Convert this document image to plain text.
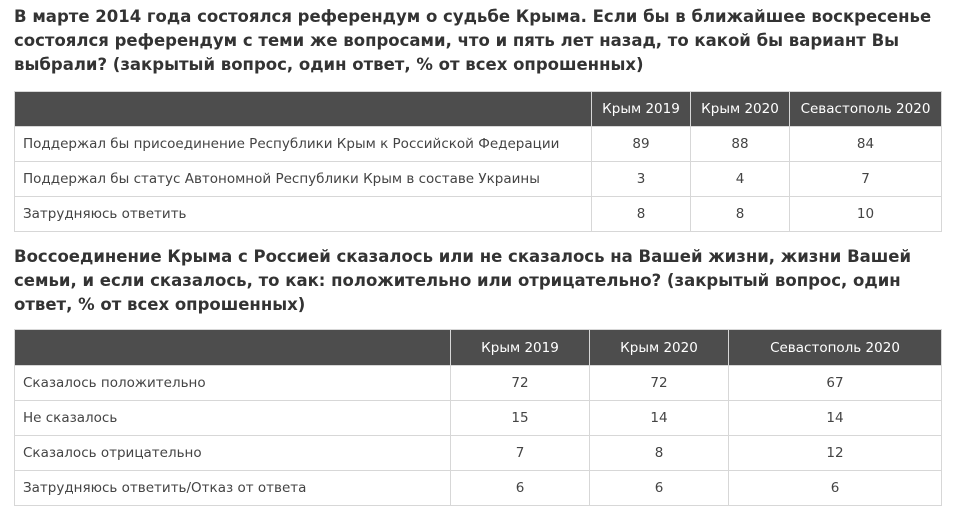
В марте 2014 года состоялся референдум о судьбе Крыма. Если бы в ближайшее воскресенье состоялся референдум с теми же вопросами, что и пять лет назад, то какой бы вариант Вы выбрали? (закрытый вопрос, один ответ, % от всех опрошенных)
	Крым 2019	Крым 2020	Севастополь 2020
Поддержал бы присоединение Республики Крым к Российской Федерации	89	88	84
Поддержал бы статус Автономной Республики Крым в составе Украины	3	4	7
Затрудняюсь ответить	8	8	10
Воссоединение Крыма с Россией сказалось или не сказалось на Вашей жизни, жизни Вашей семьи, и если сказалось, то как: положительно или отрицательно? (закрытый вопрос, один ответ, % от всех опрошенных)
	Крым 2019	Крым 2020	Севастополь 2020
Сказалось положительно	72	72	67
Не сказалось	15	14	14
Сказалось отрицательно	7	8	12
Затрудняюсь ответить/Отказ от ответа	6	6	6
